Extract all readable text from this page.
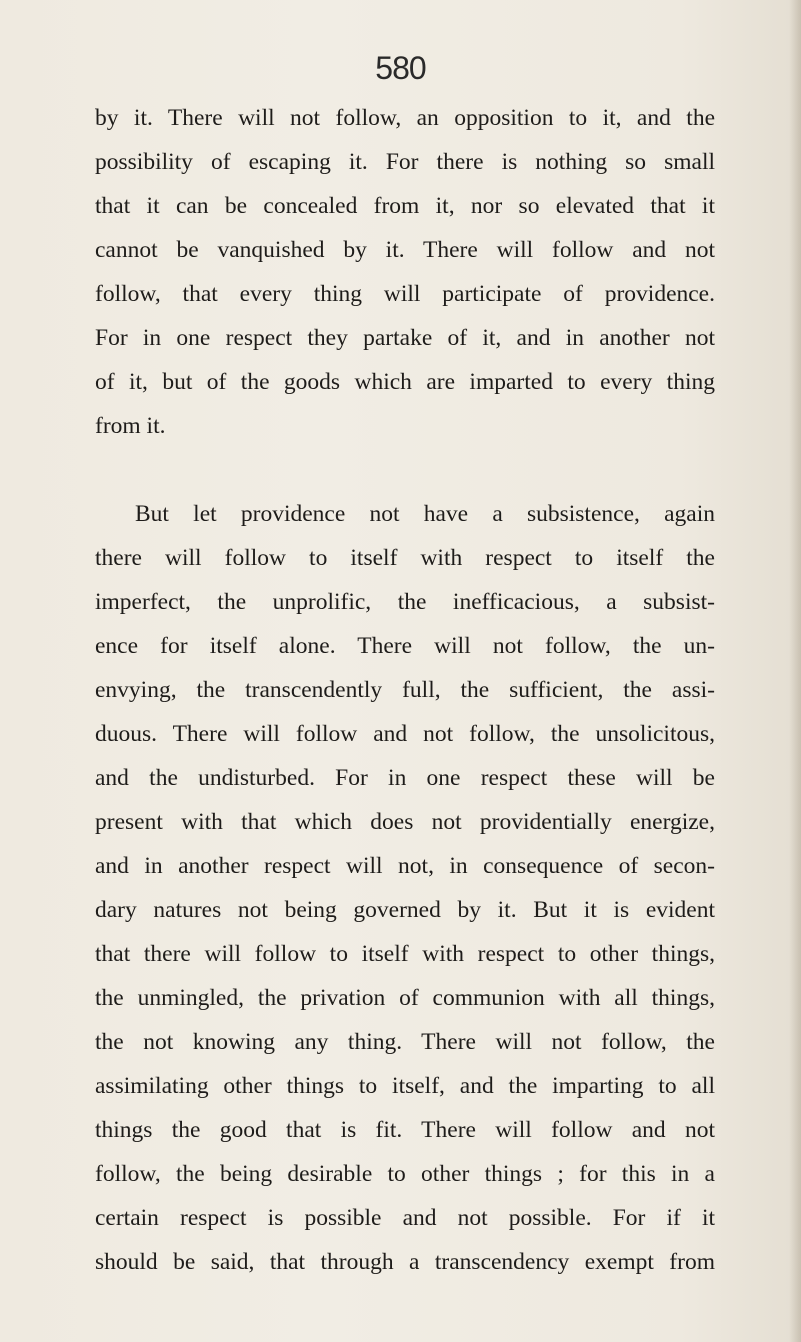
580
by it. There will not follow, an opposition to it, and the
possibility of escaping it. For there is nothing so small
that it can be concealed from it, nor so elevated that it
cannot be vanquished by it. There will follow and not
follow, that every thing will participate of providence.
For in one respect they partake of it, and in another not
of it, but of the goods which are imparted to every thing
from it.
But let providence not have a subsistence, again
there will follow to itself with respect to itself the
imperfect, the unprolific, the inefficacious, a subsist-
ence for itself alone. There will not follow, the un-
envying, the transcendently full, the sufficient, the assi-
duous. There will follow and not follow, the unsolicitous,
and the undisturbed. For in one respect these will be
present with that which does not providentially energize,
and in another respect will not, in consequence of secon-
dary natures not being governed by it. But it is evident
that there will follow to itself with respect to other things,
the unmingled, the privation of communion with all things,
the not knowing any thing. There will not follow, the
assimilating other things to itself, and the imparting to all
things the good that is fit. There will follow and not
follow, the being desirable to other things ; for this in a
certain respect is possible and not possible. For if it
should be said, that through a transcendency exempt from
